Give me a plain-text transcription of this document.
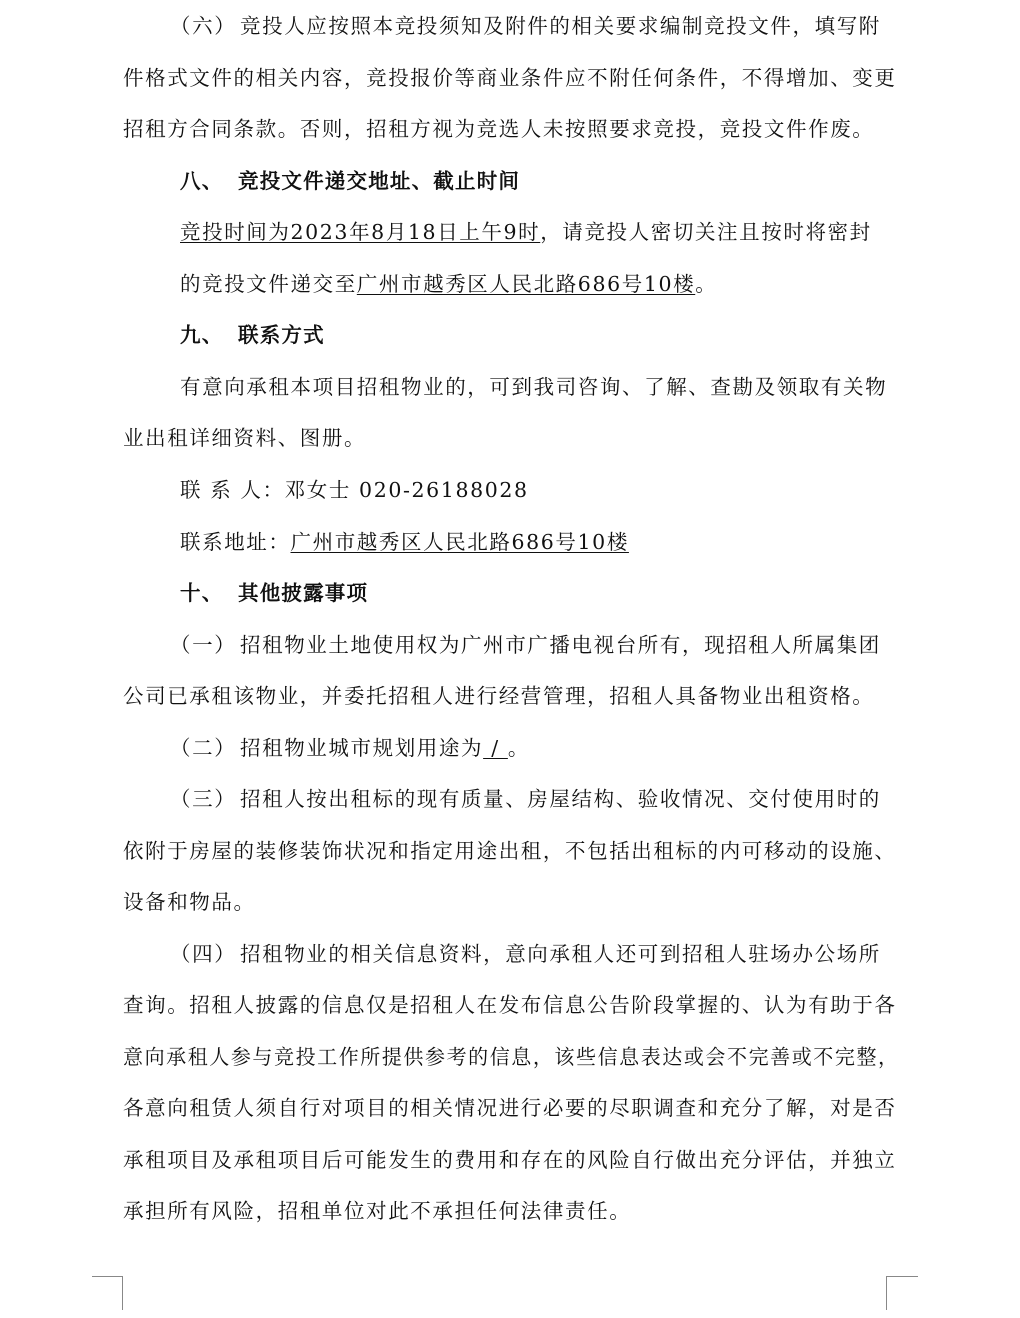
（六） 竞投人应按照本竞投须知及附件的相关要求编制竞投文件，填写附
件格式文件的相关内容，竞投报价等商业条件应不附任何条件，不得增加、变更
招租方合同条款。否则，招租方视为竞选人未按照要求竞投，竞投文件作废。
八、 竞投文件递交地址、截止时间
竞投时间为2023年8月18日上午9时，请竞投人密切关注且按时将密封
的竞投文件递交至广州市越秀区人民北路686号10楼。
九、 联系方式
有意向承租本项目招租物业的，可到我司咨询、了解、查勘及领取有关物
业出租详细资料、图册。
联 系 人：邓女士 020-26188028
联系地址：广州市越秀区人民北路686号10楼
十、 其他披露事项
（一） 招租物业土地使用权为广州市广播电视台所有，现招租人所属集团
公司已承租该物业，并委托招租人进行经营管理，招租人具备物业出租资格。
（二） 招租物业城市规划用途为 / 。
（三） 招租人按出租标的现有质量、房屋结构、验收情况、交付使用时的
依附于房屋的装修装饰状况和指定用途出租，不包括出租标的内可移动的设施、
设备和物品。
（四） 招租物业的相关信息资料，意向承租人还可到招租人驻场办公场所
查询。招租人披露的信息仅是招租人在发布信息公告阶段掌握的、认为有助于各
意向承租人参与竞投工作所提供参考的信息，该些信息表达或会不完善或不完整，
各意向租赁人须自行对项目的相关情况进行必要的尽职调查和充分了解，对是否
承租项目及承租项目后可能发生的费用和存在的风险自行做出充分评估，并独立
承担所有风险，招租单位对此不承担任何法律责任。
